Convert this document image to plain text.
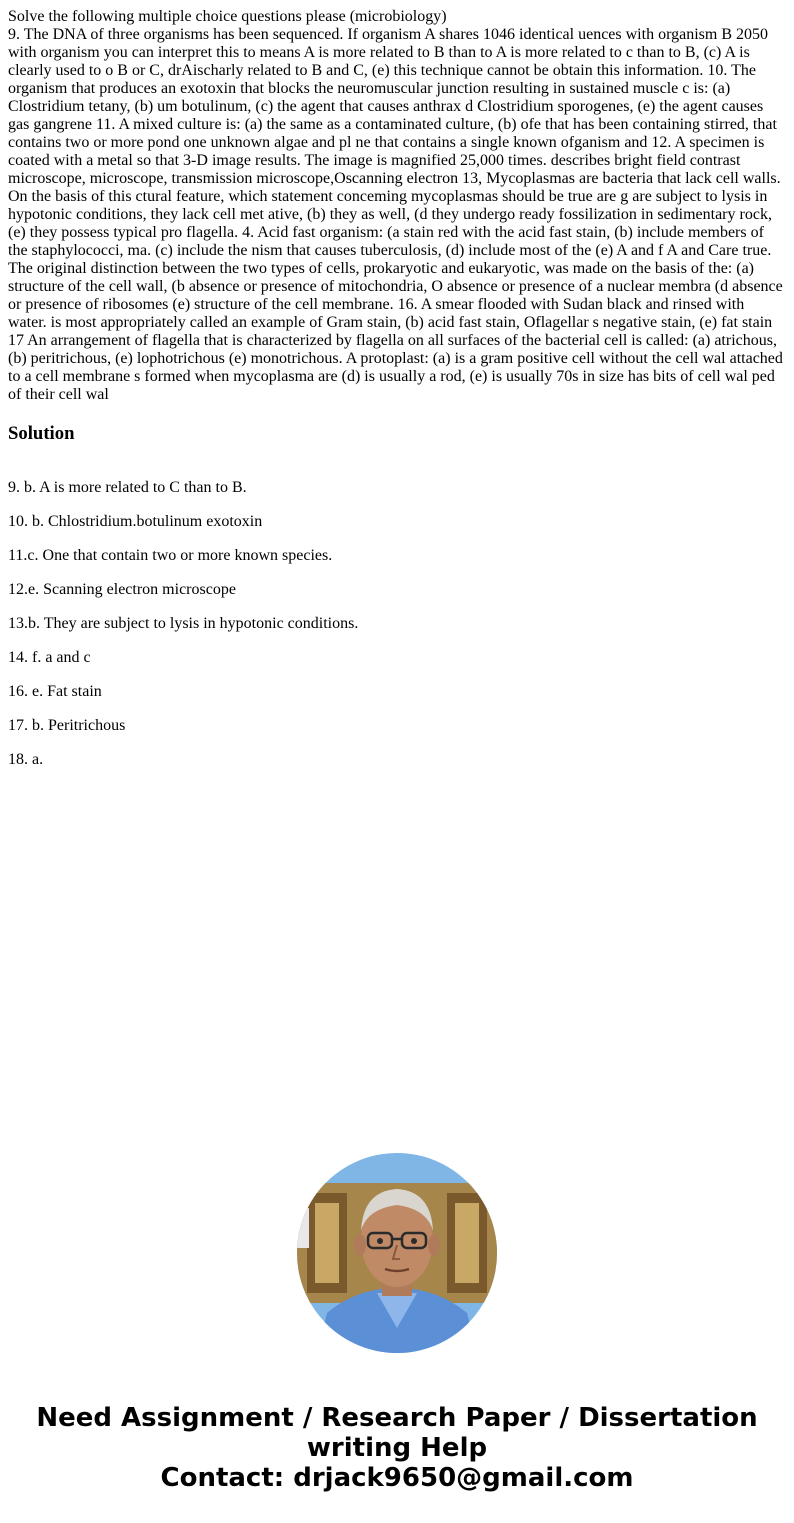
Solve the following multiple choice questions please (microbiology)
9. The DNA of three organisms has been sequenced. If organism A shares 1046 identical uences with organism B 2050 with organism you can interpret this to means A is more related to B than to A is more related to c than to B, (c) A is clearly used to o B or C, drAischarly related to B and C, (e) this technique cannot be obtain this information. 10. The organism that produces an exotoxin that blocks the neuromuscular junction resulting in sustained muscle c is: (a) Clostridium tetany, (b) um botulinum, (c) the agent that causes anthrax d Clostridium sporogenes, (e) the agent causes gas gangrene 11. A mixed culture is: (a) the same as a contaminated culture, (b) ofe that has been containing stirred, that contains two or more pond one unknown algae and pl ne that contains a single known ofganism and 12. A specimen is coated with a metal so that 3-D image results. The image is magnified 25,000 times. describes bright field contrast microscope, microscope, transmission microscope,Oscanning electron 13, Mycoplasmas are bacteria that lack cell walls. On the basis of this ctural feature, which statement conceming mycoplasmas should be true are g are subject to lysis in hypotonic conditions, they lack cell met ative, (b) they as well, (d they undergo ready fossilization in sedimentary rock, (e) they possess typical pro flagella. 4. Acid fast organism: (a stain red with the acid fast stain, (b) include members of the staphylococci, ma. (c) include the nism that causes tuberculosis, (d) include most of the (e) A and f A and Care true. The original distinction between the two types of cells, prokaryotic and eukaryotic, was made on the basis of the: (a) structure of the cell wall, (b absence or presence of mitochondria, O absence or presence of a nuclear membra (d absence or presence of ribosomes (e) structure of the cell membrane. 16. A smear flooded with Sudan black and rinsed with water. is most appropriately called an example of Gram stain, (b) acid fast stain, Oflagellar s negative stain, (e) fat stain 17 An arrangement of flagella that is characterized by flagella on all surfaces of the bacterial cell is called: (a) atrichous, (b) peritrichous, (e) lophotrichous (e) monotrichous. A protoplast: (a) is a gram positive cell without the cell wal attached to a cell membrane s formed when mycoplasma are (d) is usually a rod, (e) is usually 70s in size has bits of cell wal ped of their cell wal
Solution

9. b. A is more related to C than to B.

10. b. Chlostridium.botulinum exotoxin

11.c. One that contain two or more known species.

12.e. Scanning electron microscope

13.b. They are subject to lysis in hypotonic conditions.

14. f. a and c

16. e. Fat stain

17. b. Peritrichous

18. a.

Need Assignment / Research Paper / Dissertation
writing Help
Contact: drjack9650@gmail.com
